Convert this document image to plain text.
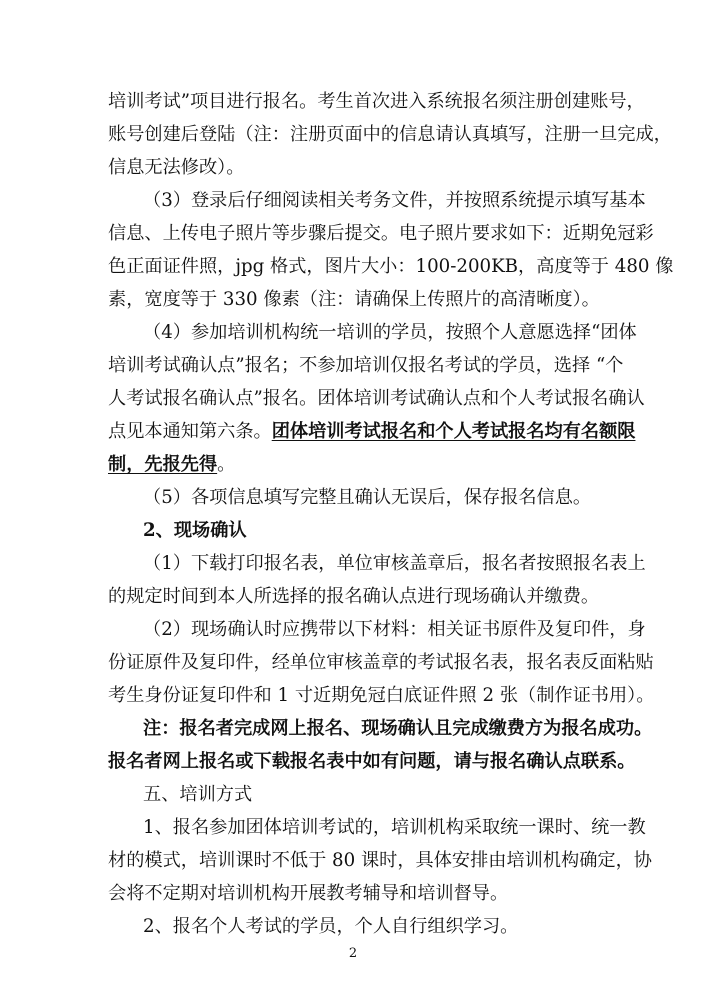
培训考试”项目进行报名。考生首次进入系统报名须注册创建账号，
账号创建后登陆（注：注册页面中的信息请认真填写，注册一旦完成，
信息无法修改）。
（3）登录后仔细阅读相关考务文件，并按照系统提示填写基本
信息、上传电子照片等步骤后提交。电子照片要求如下：近期免冠彩
色正面证件照，jpg 格式，图片大小：100-200KB，高度等于 480 像
素，宽度等于 330 像素（注：请确保上传照片的高清晰度）。
（4）参加培训机构统一培训的学员，按照个人意愿选择“团体
培训考试确认点”报名；不参加培训仅报名考试的学员，选择 “个
人考试报名确认点”报名。团体培训考试确认点和个人考试报名确认
点见本通知第六条。团体培训考试报名和个人考试报名均有名额限
制，先报先得。
（5）各项信息填写完整且确认无误后，保存报名信息。
2、现场确认
（1）下载打印报名表，单位审核盖章后，报名者按照报名表上
的规定时间到本人所选择的报名确认点进行现场确认并缴费。
（2）现场确认时应携带以下材料：相关证书原件及复印件，身
份证原件及复印件，经单位审核盖章的考试报名表，报名表反面粘贴
考生身份证复印件和 1 寸近期免冠白底证件照 2 张（制作证书用）。
注：报名者完成网上报名、现场确认且完成缴费方为报名成功。
报名者网上报名或下载报名表中如有问题，请与报名确认点联系。
五、培训方式
1、报名参加团体培训考试的，培训机构采取统一课时、统一教
材的模式，培训课时不低于 80 课时，具体安排由培训机构确定，协
会将不定期对培训机构开展教考辅导和培训督导。
2、报名个人考试的学员，个人自行组织学习。
2
